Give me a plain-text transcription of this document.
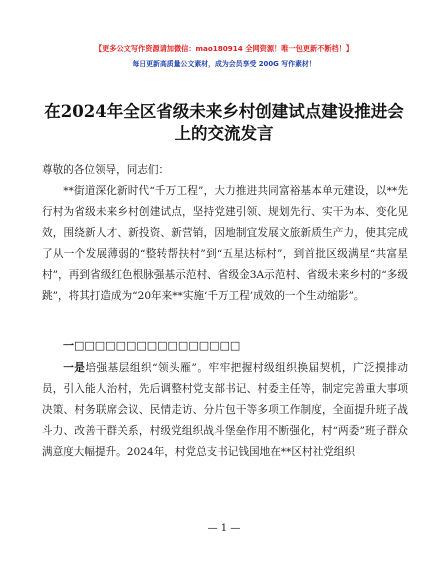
【更多公文写作资源请加微信：mao180914 全网资源！唯一包更新不断档！】
每日更新高质量公文素材，成为会员享受 200G 写作素材！
在2024年全区省级未来乡村创建试点建设推进会上的交流发言

尊敬的各位领导，同志们：

**街道深化新时代“千万工程”，大力推进共同富裕基本单元建设，以**先行村为省级未来乡村创建试点，坚持党建引领、规划先行、实干为本、变化见效，围绕新人才、新投资、新营销，因地制宜发展文旅新质生产力，使其完成了从一个发展薄弱的“整转帮扶村”到“五星达标村”，到首批区级满星“共富星村”，再到省级红色根脉强基示范村、省级金3A示范村、省级未来乡村的“多级跳”，将其打造成为“20年来**实施‘千万工程’成效的一个生动缩影”。

一□□□□□□□□□□□□□□□□

一是培强基层组织“领头雁”。牢牢把握村级组织换届契机，广泛摸排动员，引入能人治村，先后调整村党支部书记、村委主任等，制定完善重大事项决策、村务联席会议、民情走访、分片包干等多项工作制度，全面提升班子战斗力、改善干群关系，村级党组织战斗堡垒作用不断强化，村“两委”班子群众满意度大幅提升。2024年，村党总支书记钱国地在**区村社党组织

— 1 —
